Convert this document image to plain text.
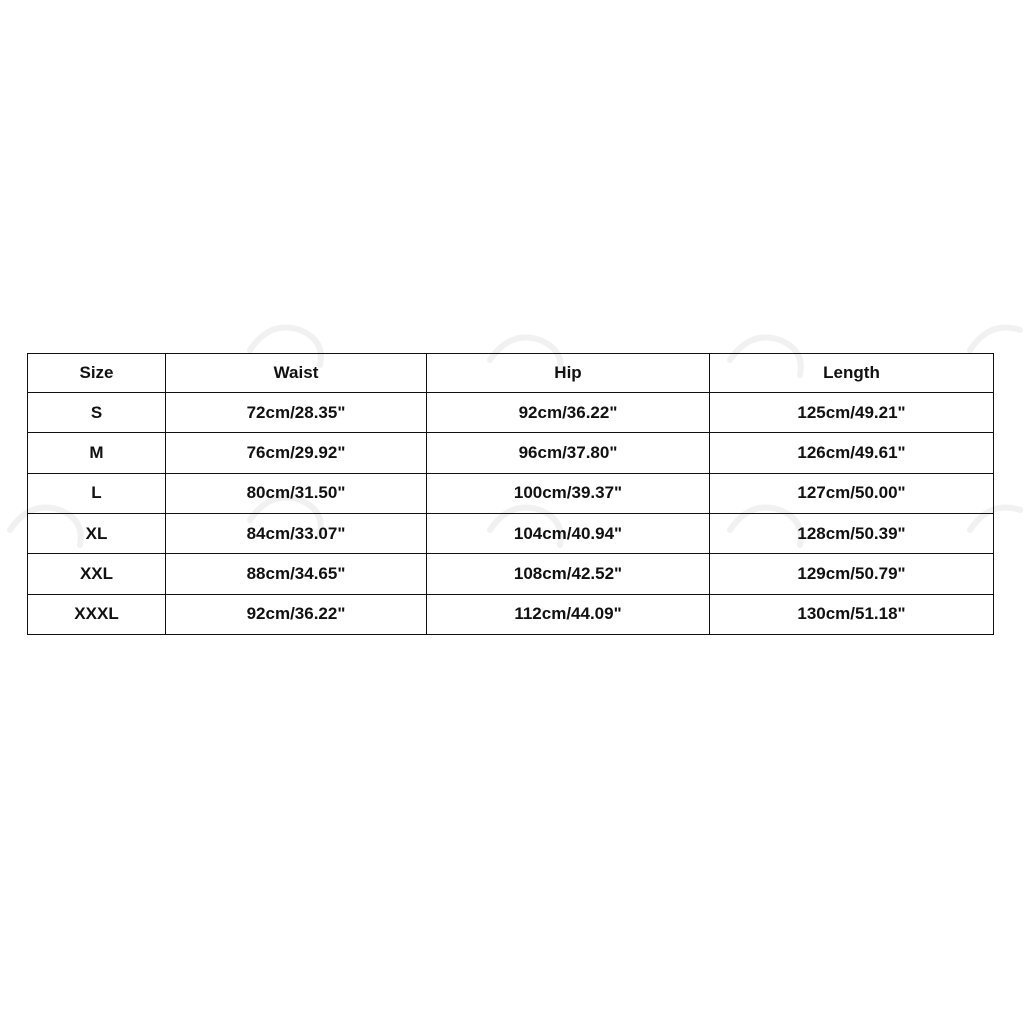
Size	Waist	Hip	Length
S	72cm/28.35"	92cm/36.22"	125cm/49.21"
M	76cm/29.92"	96cm/37.80"	126cm/49.61"
L	80cm/31.50"	100cm/39.37"	127cm/50.00"
XL	84cm/33.07"	104cm/40.94"	128cm/50.39"
XXL	88cm/34.65"	108cm/42.52"	129cm/50.79"
XXXL	92cm/36.22"	112cm/44.09"	130cm/51.18"
